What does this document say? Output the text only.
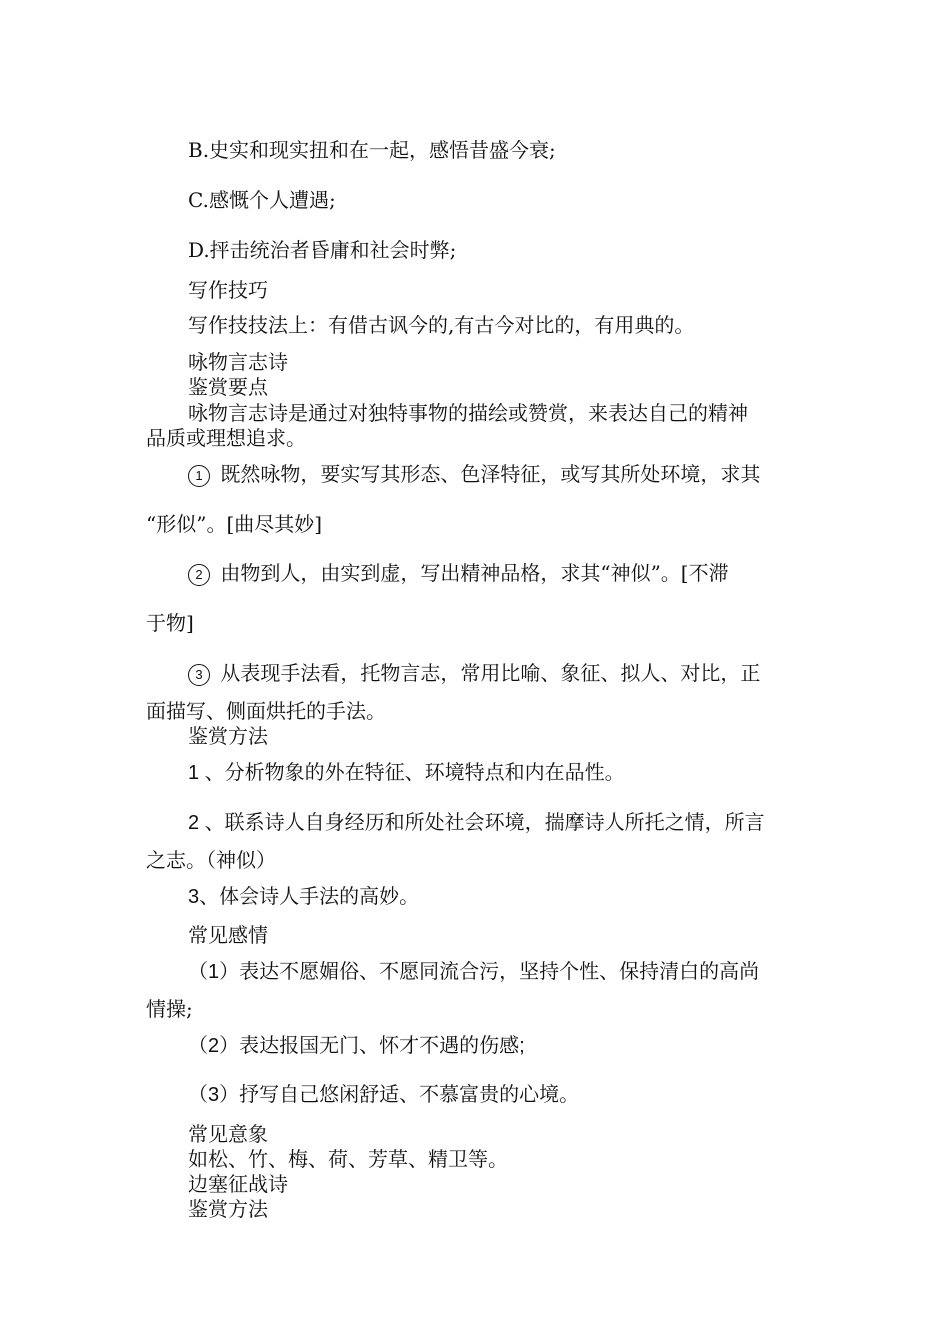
B.史实和现实扭和在一起，感悟昔盛今衰;
C.感慨个人遭遇;
D.抨击统治者昏庸和社会时弊;
写作技巧
写作技技法上：有借古讽今的,有古今对比的，有用典的。
咏物言志诗
鉴赏要点
咏物言志诗是通过对独特事物的描绘或赞赏，来表达自己的精神
品质或理想追求。
1 既然咏物，要实写其形态、色泽特征，或写其所处环境，求其
“形似”。[曲尽其妙]
2 由物到人，由实到虚，写出精神品格，求其“神似”。[不滞
于物]
3 从表现手法看，托物言志，常用比喻、象征、拟人、对比，正
面描写、侧面烘托的手法。
鉴赏方法
1 、分析物象的外在特征、环境特点和内在品性。
2 、联系诗人自身经历和所处社会环境，揣摩诗人所托之情，所言
之志。（神似）
3、体会诗人手法的高妙。
常见感情
（1）表达不愿媚俗、不愿同流合污，坚持个性、保持清白的高尚
情操;
（2）表达报国无门、怀才不遇的伤感;
（3）抒写自己悠闲舒适、不慕富贵的心境。
常见意象
如松、竹、梅、荷、芳草、精卫等。
边塞征战诗
鉴赏方法
